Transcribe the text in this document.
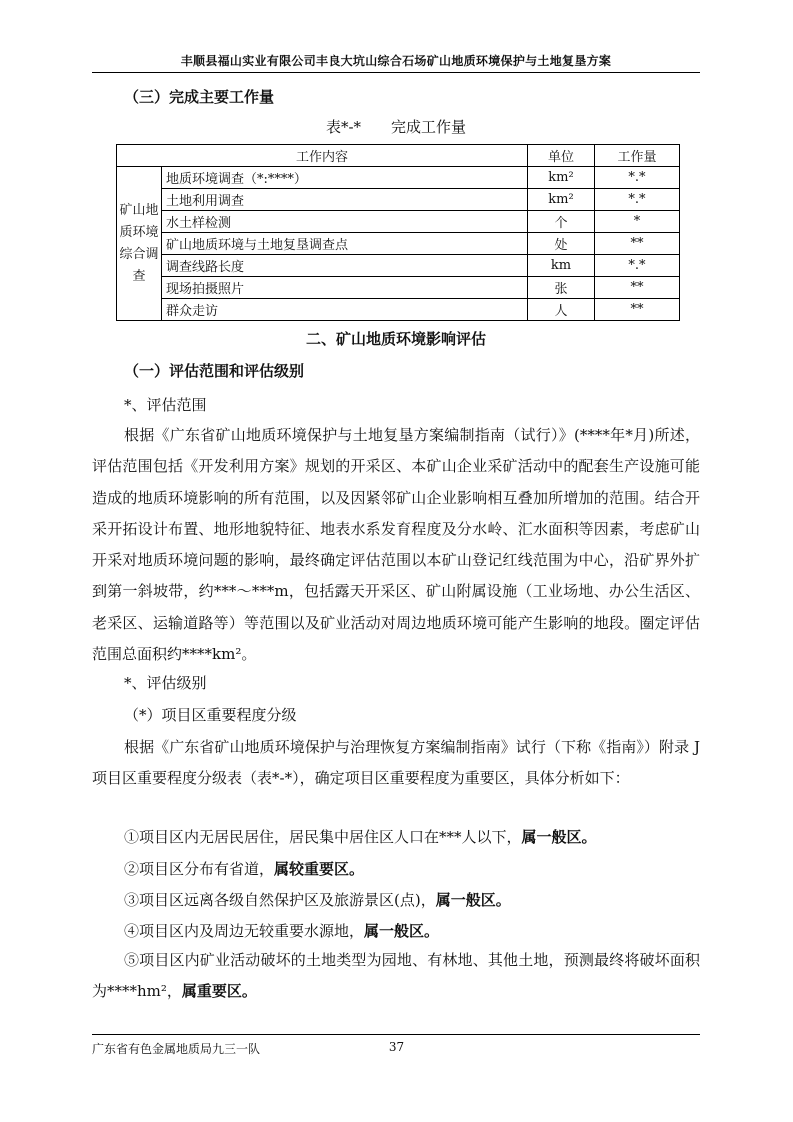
丰顺县福山实业有限公司丰良大坑山综合石场矿山地质环境保护与土地复垦方案
（三）完成主要工作量
表*-*　　完成工作量
工作内容		单位	工作量
矿山地质环境综合调查	地质环境调查（*:****）	km²	*.*
	土地利用调查	km²	*.*
	水土样检测	个	*
	矿山地质环境与土地复垦调查点	处	**
	调查线路长度	km	*.*
	现场拍摄照片	张	**
	群众走访	人	**
二、矿山地质环境影响评估
（一）评估范围和评估级别
*、评估范围
根据《广东省矿山地质环境保护与土地复垦方案编制指南（试行）》(****年*月)所述，评估范围包括《开发利用方案》规划的开采区、本矿山企业采矿活动中的配套生产设施可能造成的地质环境影响的所有范围，以及因紧邻矿山企业影响相互叠加所增加的范围。结合开采开拓设计布置、地形地貌特征、地表水系发育程度及分水岭、汇水面积等因素，考虑矿山开采对地质环境问题的影响，最终确定评估范围以本矿山登记红线范围为中心，沿矿界外扩到第一斜坡带，约***～***m，包括露天开采区、矿山附属设施（工业场地、办公生活区、老采区、运输道路等）等范围以及矿业活动对周边地质环境可能产生影响的地段。圈定评估范围总面积约****km²。
*、评估级别
（*）项目区重要程度分级
根据《广东省矿山地质环境保护与治理恢复方案编制指南》试行（下称《指南》）附录 J 项目区重要程度分级表（表*-*），确定项目区重要程度为重要区，具体分析如下：
①项目区内无居民居住，居民集中居住区人口在***人以下，属一般区。
②项目区分布有省道，属较重要区。
③项目区远离各级自然保护区及旅游景区(点)，属一般区。
④项目区内及周边无较重要水源地，属一般区。
⑤项目区内矿业活动破坏的土地类型为园地、有林地、其他土地，预测最终将破坏面积为****hm²，属重要区。
广东省有色金属地质局九三一队	37
